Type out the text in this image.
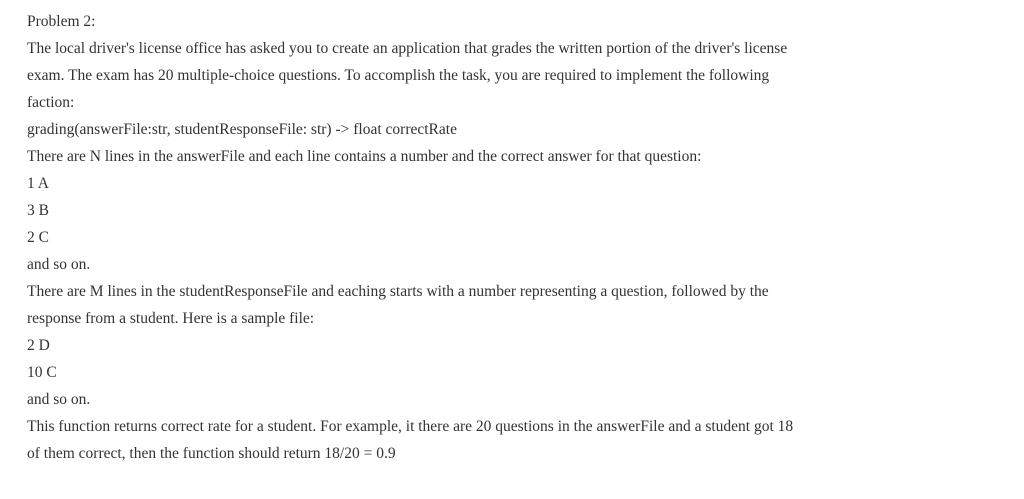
Problem 2:
The local driver's license office has asked you to create an application that grades the written portion of the driver's license
exam. The exam has 20 multiple-choice questions. To accomplish the task, you are required to implement the following
faction:
grading(answerFile:str, studentResponseFile: str) -> float correctRate
There are N lines in the answerFile and each line contains a number and the correct answer for that question:
1 A
3 B
2 C
and so on.
There are M lines in the studentResponseFile and eaching starts with a number representing a question, followed by the
response from a student. Here is a sample file:
2 D
10 C
and so on.
This function returns correct rate for a student. For example, it there are 20 questions in the answerFile and a student got 18
of them correct, then the function should return 18/20 = 0.9
